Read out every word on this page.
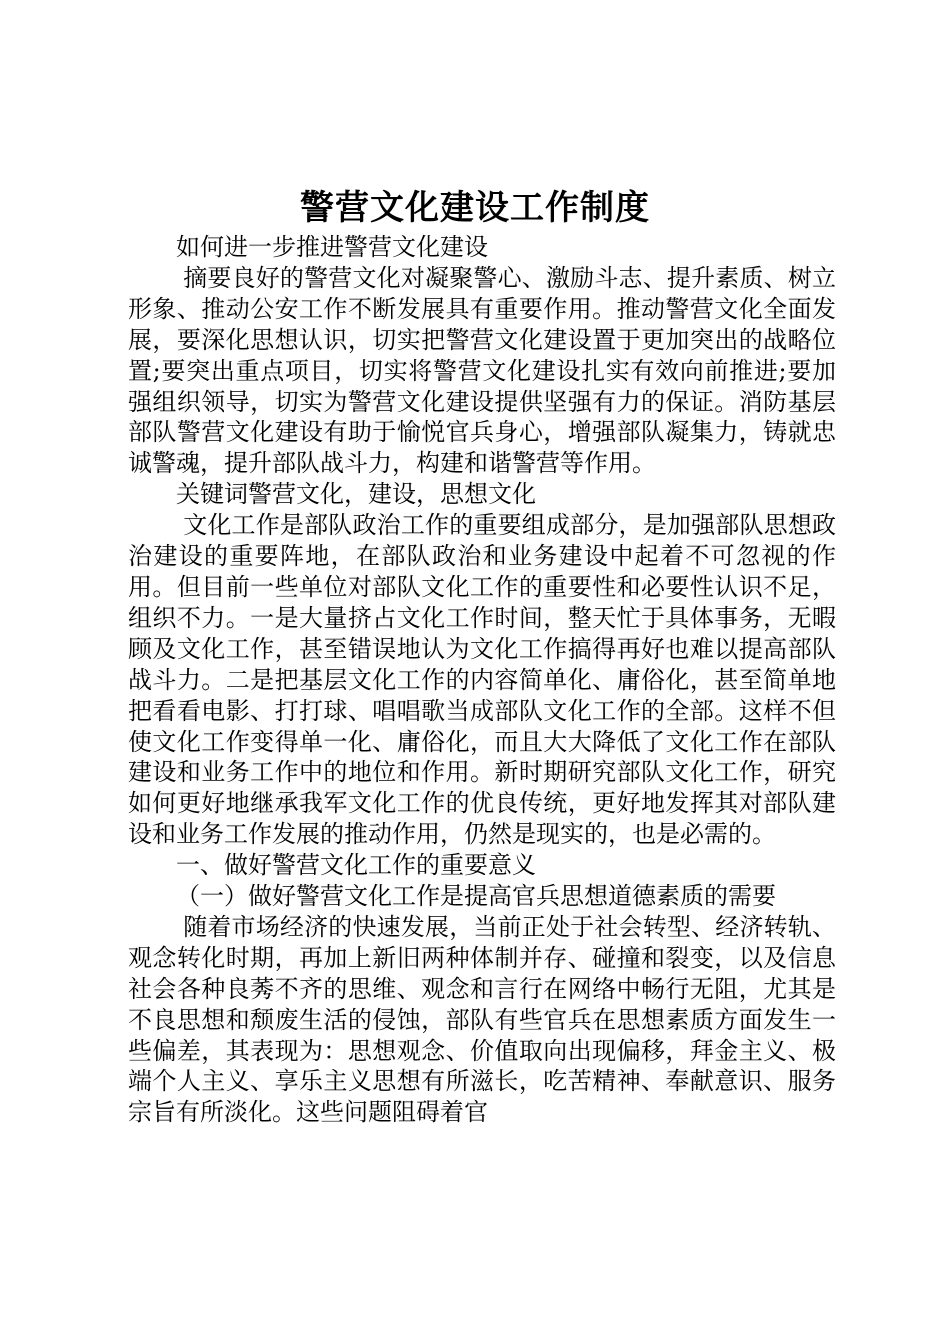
警营文化建设工作制度

如何进一步推进警营文化建设

摘要良好的警营文化对凝聚警心、激励斗志、提升素质、树立形象、推动公安工作不断发展具有重要作用。推动警营文化全面发展，要深化思想认识，切实把警营文化建设置于更加突出的战略位置;要突出重点项目，切实将警营文化建设扎实有效向前推进;要加强组织领导，切实为警营文化建设提供坚强有力的保证。消防基层部队警营文化建设有助于愉悦官兵身心，增强部队凝集力，铸就忠诚警魂，提升部队战斗力，构建和谐警营等作用。

关键词警营文化，建设，思想文化

文化工作是部队政治工作的重要组成部分，是加强部队思想政治建设的重要阵地，在部队政治和业务建设中起着不可忽视的作用。但目前一些单位对部队文化工作的重要性和必要性认识不足，组织不力。一是大量挤占文化工作时间，整天忙于具体事务，无暇顾及文化工作，甚至错误地认为文化工作搞得再好也难以提高部队战斗力。二是把基层文化工作的内容简单化、庸俗化，甚至简单地把看看电影、打打球、唱唱歌当成部队文化工作的全部。这样不但使文化工作变得单一化、庸俗化，而且大大降低了文化工作在部队建设和业务工作中的地位和作用。新时期研究部队文化工作，研究如何更好地继承我军文化工作的优良传统，更好地发挥其对部队建设和业务工作发展的推动作用，仍然是现实的，也是必需的。

一、做好警营文化工作的重要意义

（一）做好警营文化工作是提高官兵思想道德素质的需要

随着市场经济的快速发展，当前正处于社会转型、经济转轨、观念转化时期，再加上新旧两种体制并存、碰撞和裂变，以及信息社会各种良莠不齐的思维、观念和言行在网络中畅行无阻，尤其是不良思想和颓废生活的侵蚀，部队有些官兵在思想素质方面发生一些偏差，其表现为：思想观念、价值取向出现偏移，拜金主义、极端个人主义、享乐主义思想有所滋长，吃苦精神、奉献意识、服务宗旨有所淡化。这些问题阻碍着官
